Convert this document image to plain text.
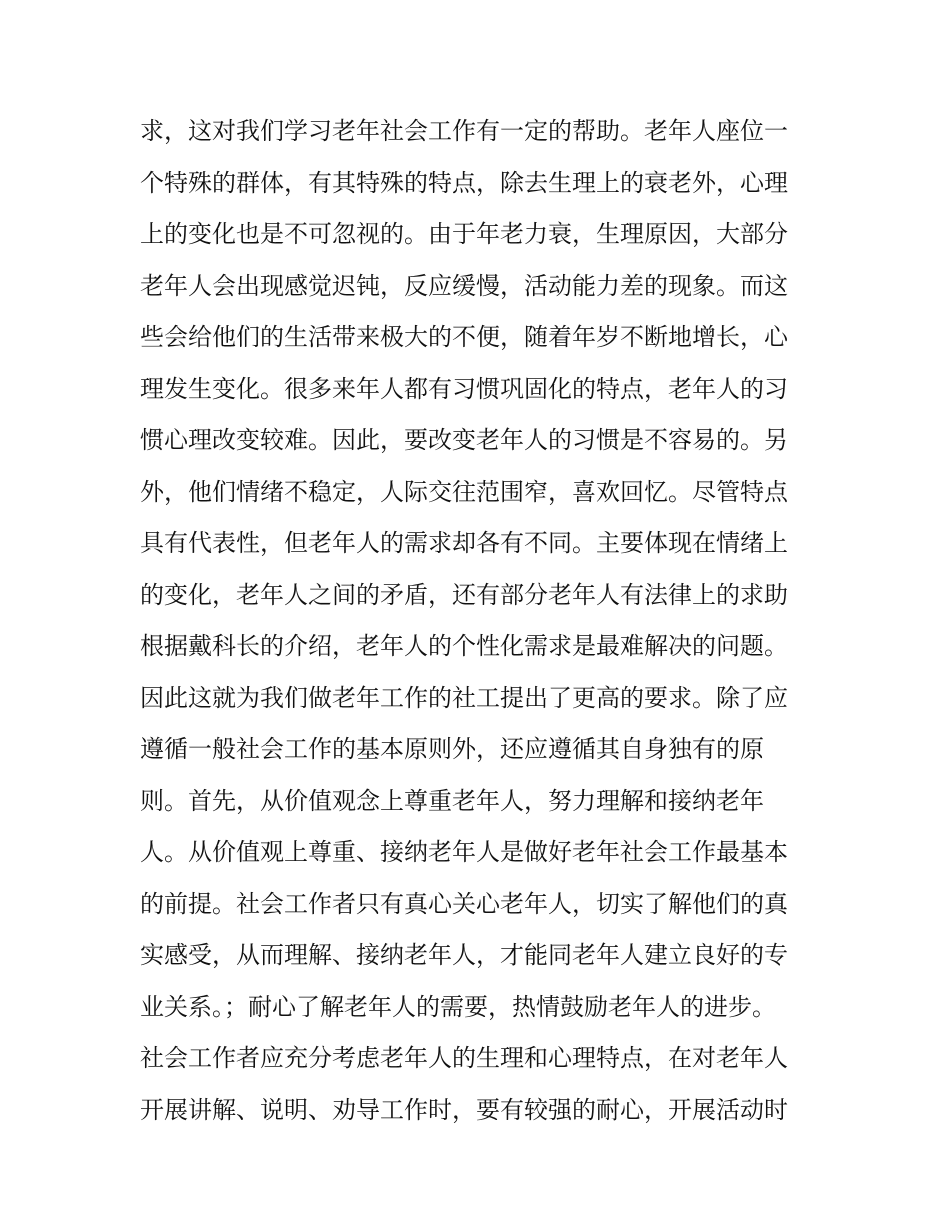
求，这对我们学习老年社会工作有一定的帮助。老年人座位一
个特殊的群体，有其特殊的特点，除去生理上的衰老外，心理
上的变化也是不可忽视的。由于年老力衰，生理原因，大部分
老年人会出现感觉迟钝，反应缓慢，活动能力差的现象。而这
些会给他们的生活带来极大的不便，随着年岁不断地增长，心
理发生变化。很多来年人都有习惯巩固化的特点，老年人的习
惯心理改变较难。因此，要改变老年人的习惯是不容易的。另
外，他们情绪不稳定，人际交往范围窄，喜欢回忆。尽管特点
具有代表性，但老年人的需求却各有不同。主要体现在情绪上
的变化，老年人之间的矛盾，还有部分老年人有法律上的求助
根据戴科长的介绍，老年人的个性化需求是最难解决的问题。
因此这就为我们做老年工作的社工提出了更高的要求。除了应
遵循一般社会工作的基本原则外，还应遵循其自身独有的原
则。首先，从价值观念上尊重老年人，努力理解和接纳老年
人。从价值观上尊重、接纳老年人是做好老年社会工作最基本
的前提。社会工作者只有真心关心老年人，切实了解他们的真
实感受，从而理解、接纳老年人，才能同老年人建立良好的专
业关系。；耐心了解老年人的需要，热情鼓励老年人的进步。
社会工作者应充分考虑老年人的生理和心理特点，在对老年人
开展讲解、说明、劝导工作时，要有较强的耐心，开展活动时
